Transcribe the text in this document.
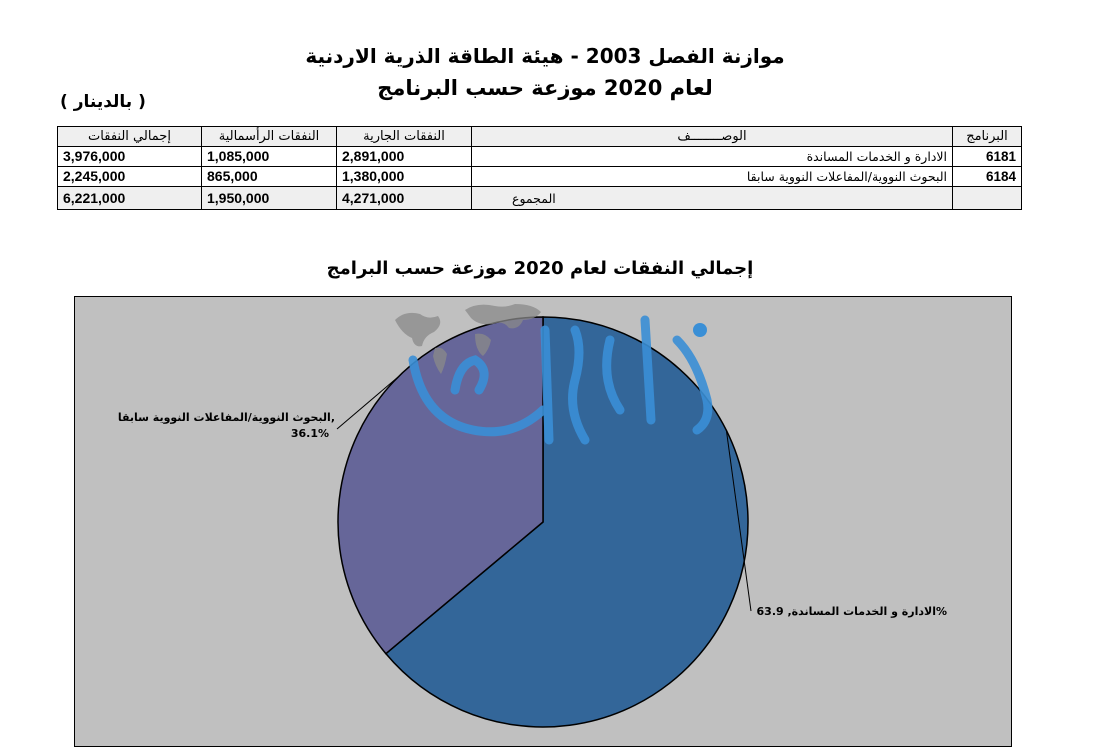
موازنة الفصل 2003 - هيئة الطاقة الذرية الاردنية
لعام 2020 موزعة حسب البرنامج
( بالدينار )
البرنامج	الوصــــــــف	النفقات الجارية	النفقات الرأسمالية	إجمالي النفقات
6181	الادارة و الخدمات المساندة	2,891,000	1,085,000	3,976,000
6184	البحوث النووية/المفاعلات النووية سابقا	1,380,000	865,000	2,245,000
	المجموع	4,271,000	1,950,000	6,221,000
إجمالي النفقات لعام 2020 موزعة حسب البرامج
الادارة و الخدمات المساندة, 63.9%
البحوث النووية/المفاعلات النووية سابقا,
36.1%
